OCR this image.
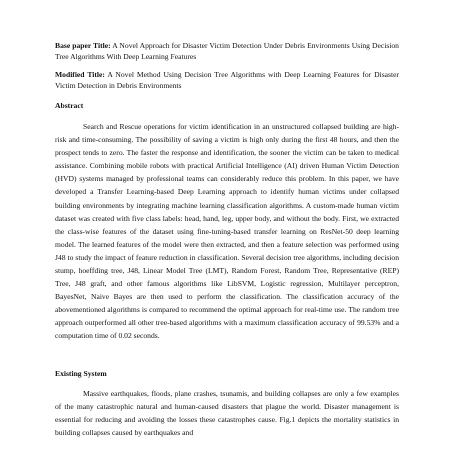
Base paper Title: A Novel Approach for Disaster Victim Detection Under Debris Environments Using Decision Tree Algorithms With Deep Learning Features

Modified Title: A Novel Method Using Decision Tree Algorithms with Deep Learning Features for Disaster Victim Detection in Debris Environments

Abstract

Search and Rescue operations for victim identification in an unstructured collapsed building are high-risk and time-consuming. The possibility of saving a victim is high only during the first 48 hours, and then the prospect tends to zero. The faster the response and identification, the sooner the victim can be taken to medical assistance. Combining mobile robots with practical Artificial Intelligence (AI) driven Human Victim Detection (HVD) systems managed by professional teams can considerably reduce this problem. In this paper, we have developed a Transfer Learning-based Deep Learning approach to identify human victims under collapsed building environments by integrating machine learning classification algorithms. A custom-made human victim dataset was created with five class labels: head, hand, leg, upper body, and without the body. First, we extracted the class-wise features of the dataset using fine-tuning-based transfer learning on ResNet-50 deep learning model. The learned features of the model were then extracted, and then a feature selection was performed using J48 to study the impact of feature reduction in classification. Several decision tree algorithms, including decision stump, hoeffding tree, J48, Linear Model Tree (LMT), Random Forest, Random Tree, Representative (REP) Tree, J48 graft, and other famous algorithms like LibSVM, Logistic regression, Multilayer perceptron, BayesNet, Naive Bayes are then used to perform the classification. The classification accuracy of the abovementioned algorithms is compared to recommend the optimal approach for real-time use. The random tree approach outperformed all other tree-based algorithms with a maximum classification accuracy of 99.53% and a computation time of 0.02 seconds.

Existing System

Massive earthquakes, floods, plane crashes, tsunamis, and building collapses are only a few examples of the many catastrophic natural and human-caused disasters that plague the world. Disaster management is essential for reducing and avoiding the losses these catastrophes cause. Fig.1 depicts the mortality statistics in building collapses caused by earthquakes and
